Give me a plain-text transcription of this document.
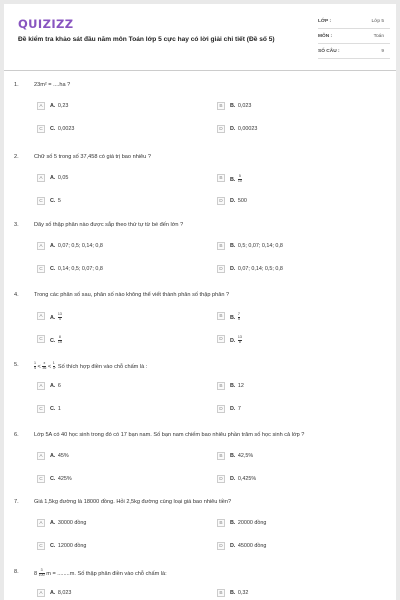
QUIZIZZ
Đề kiểm tra khảo sát đầu năm môn Toán lớp 5 cực hay có lời giải chi tiết (Đề số 5)
LỚP :	Lớp 5
MÔN :	Toán
SỐ CÂU :	9
1.	23m² = ....ha ?
A	A. 0,23	B	B. 0,023
C	C. 0,0023	D	D. 0,00023
2.	Chữ số 5 trong số 37,458 có giá trị bao nhiêu ?
A	A. 0,05	B	B. $\frac{5}{10}$
C	C. 5	D	D. 500
3.	Dãy số thập phân nào được sắp theo thứ tự từ bé đến lớn ?
A	A. 0,07; 0,5; 0,14; 0,8	B	B. 0,5; 0,07; 0,14; 0,8
C	C. 0,14; 0,5; 0,07; 0,8	D	D. 0,07; 0,14; 0,5; 0,8
4.	Trong các phân số sau, phân số nào không thể viết thành phân số thập phân ?
A	A. $\frac{13}{4}$	B	B. $\frac{7}{5}$
C	C. $\frac{8}{15}$	D	D. $\frac{13}{8}$
5.	$\frac{1}{4} < \frac{x}{36} < \frac{1}{3}$ . Số thích hợp điền vào chỗ chấm là :
A	A. 6	B	B. 12
C	C. 1	D	D. 7
6.	Lớp 5A có 40 học sinh trong đó có 17 bạn nam. Số bạn nam chiếm bao nhiêu phần trăm số học sinh cả lớp ?
A	A. 45%	B	B. 42,5%
C	C. 425%	D	D. 0,425%
7.	Giá 1,5kg đường là 18000 đồng. Hỏi 2,5kg đường cùng loại giá bao nhiêu tiền?
A	A. 30000 đồng	B	B. 20000 đồng
C	C. 12000 đồng	D	D. 45000 đồng
8.	$8 \frac{3}{100}$ m = ........m. Số thập phân điền vào chỗ chấm là:
A	A. 8,023	B	B. 0,32
